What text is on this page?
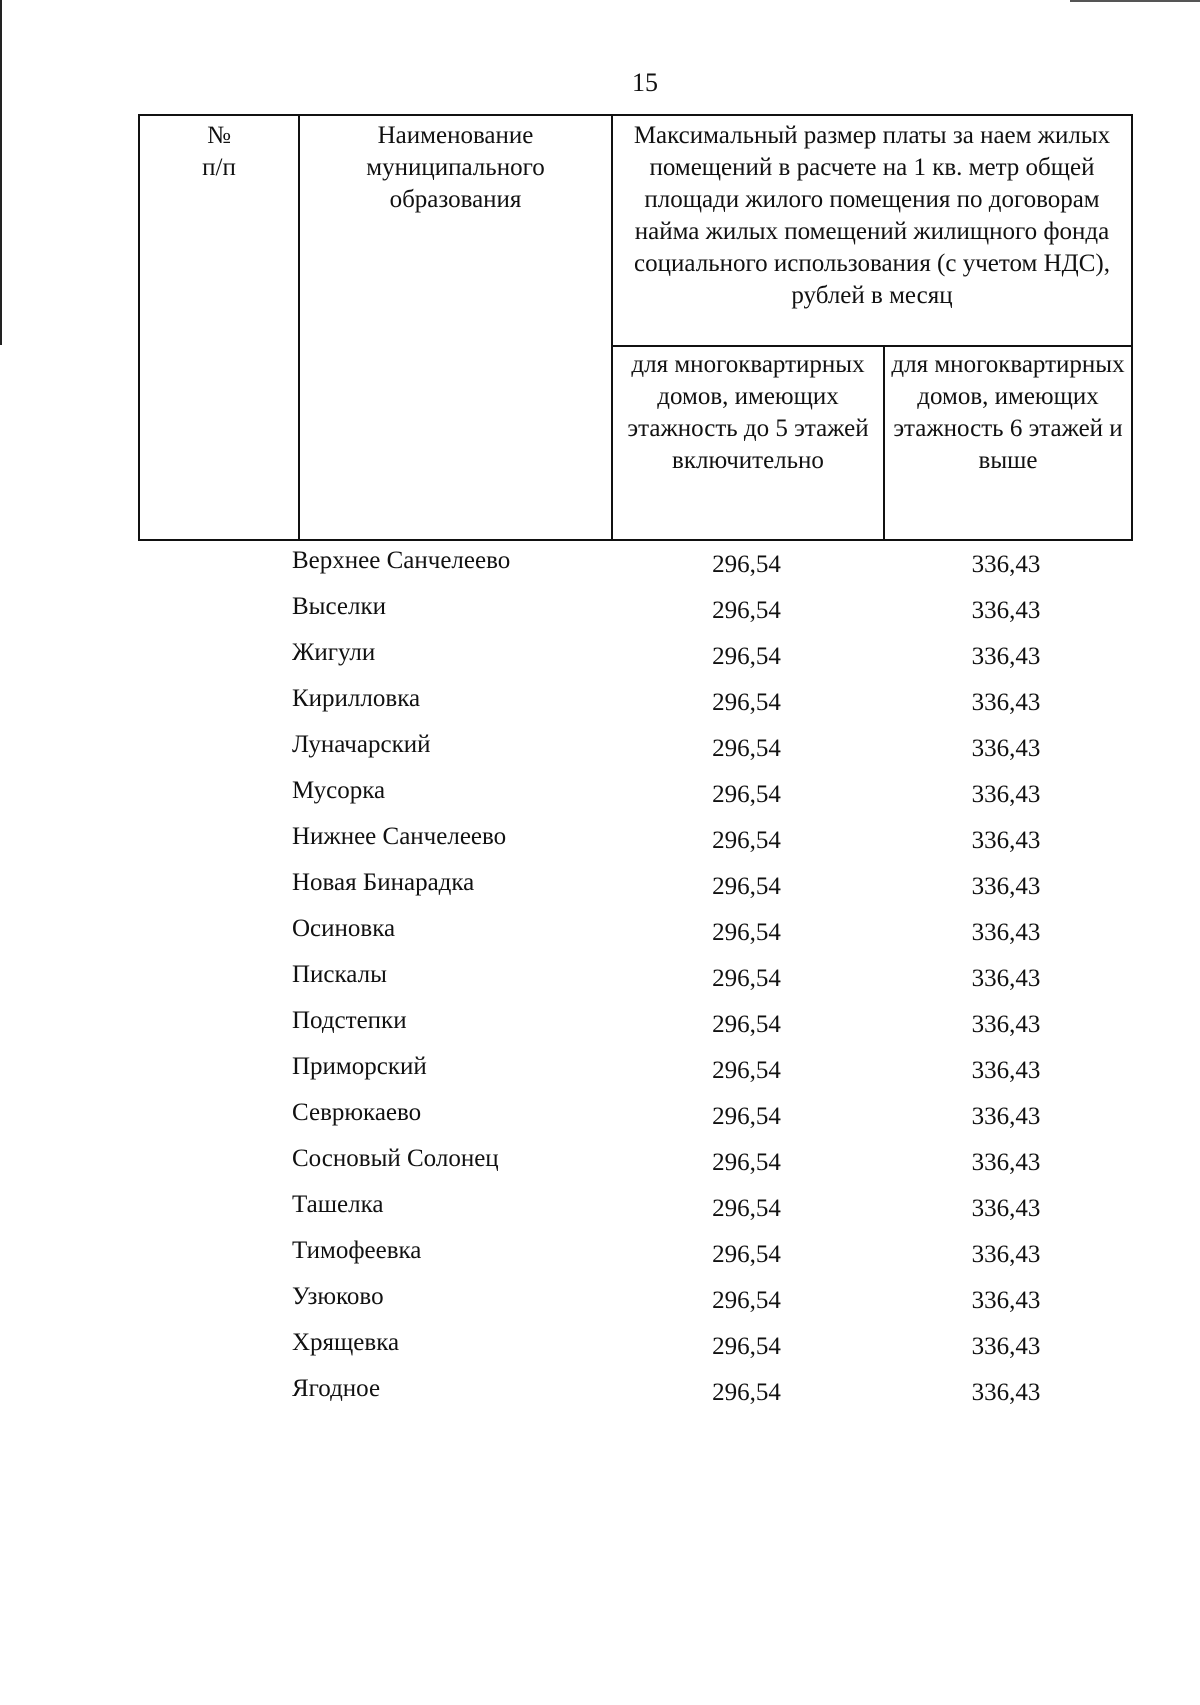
15
№
п/п	Наименование муниципального образования	Максимальный размер платы за наем жилых помещений в расчете на 1 кв. метр общей площади жилого помещения по договорам найма жилых помещений жилищного фонда социального использования (с учетом НДС), рублей в месяц	
		для многоквартирных домов, имеющих этажность до 5 этажей включительно	для многоквартирных домов, имеющих этажность 6 этажей и выше
Верхнее Санчелеево	296,54	336,43
Выселки	296,54	336,43
Жигули	296,54	336,43
Кирилловка	296,54	336,43
Луначарский	296,54	336,43
Мусорка	296,54	336,43
Нижнее Санчелеево	296,54	336,43
Новая Бинарадка	296,54	336,43
Осиновка	296,54	336,43
Пискалы	296,54	336,43
Подстепки	296,54	336,43
Приморский	296,54	336,43
Севрюкаево	296,54	336,43
Сосновый Солонец	296,54	336,43
Ташелка	296,54	336,43
Тимофеевка	296,54	336,43
Узюково	296,54	336,43
Хрящевка	296,54	336,43
Ягодное	296,54	336,43
